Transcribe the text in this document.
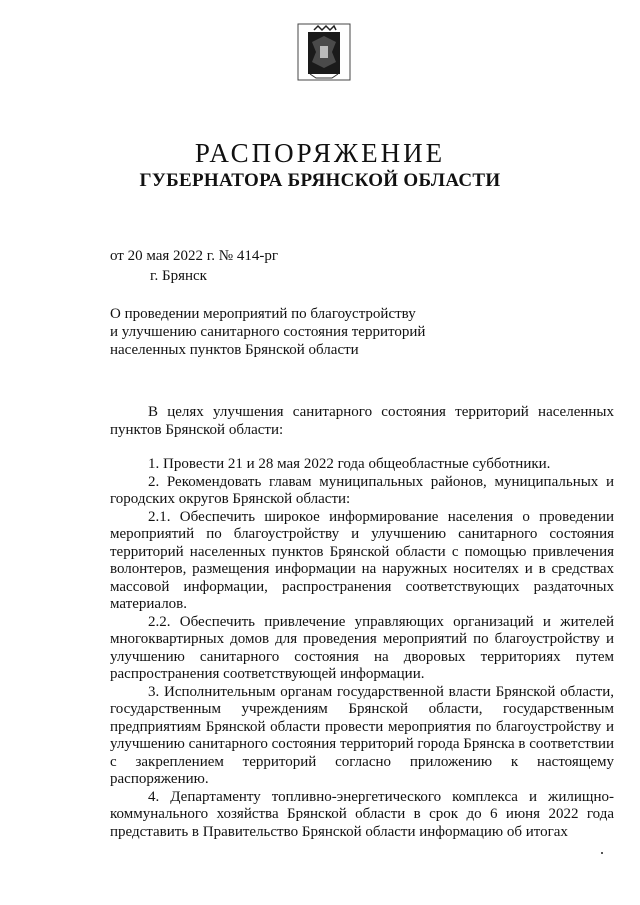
РАСПОРЯЖЕНИЕ
ГУБЕРНАТОРА БРЯНСКОЙ ОБЛАСТИ
от 20 мая 2022 г. № 414-рг
г. Брянск
О проведении мероприятий по благоустройству
и улучшению санитарного состояния территорий
населенных пунктов Брянской области

В целях улучшения санитарного состояния территорий населенных пунктов Брянской области:

1. Провести 21 и 28 мая 2022 года общеобластные субботники.

2. Рекомендовать главам муниципальных районов, муниципальных и городских округов Брянской области:

2.1. Обеспечить широкое информирование населения о проведении мероприятий по благоустройству и улучшению санитарного состояния территорий населенных пунктов Брянской области с помощью привлечения волонтеров, размещения информации на наружных носителях и в средствах массовой информации, распространения соответствующих раздаточных материалов.

2.2. Обеспечить привлечение управляющих организаций и жителей многоквартирных домов для проведения мероприятий по благоустройству и улучшению санитарного состояния на дворовых территориях путем распространения соответствующей информации.

3. Исполнительным органам государственной власти Брянской области, государственным учреждениям Брянской области, государственным предприятиям Брянской области провести мероприятия по благоустройству и улучшению санитарного состояния территорий города Брянска в соответствии с закреплением территорий согласно приложению к настоящему распоряжению.

4. Департаменту топливно-энергетического комплекса и жилищно-коммунального хозяйства Брянской области в срок до 6 июня 2022 года представить в Правительство Брянской области информацию об итогах
